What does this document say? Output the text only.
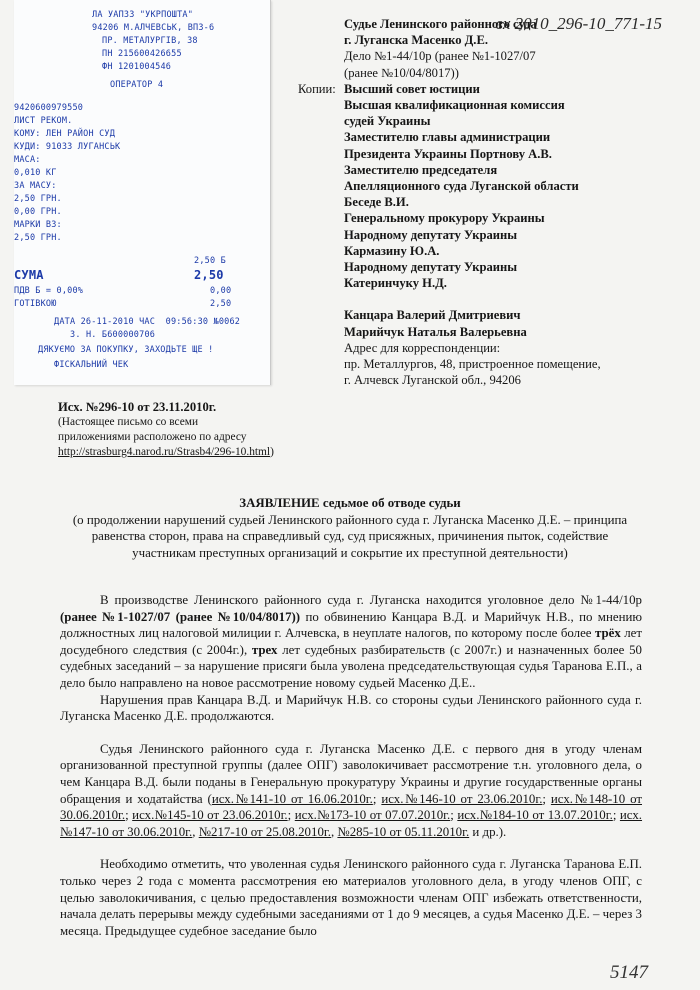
ЛА УАПЗЗ "УКРПОШТА"
94206 М.АЛЧЕВСЬК, ВПЗ-6
ПР. МЕТАЛУРГІВ, 38
ПН 215600426655
ФН 1201004546
ОПЕРАТОР 4
9420600979550
ЛИСТ РЕКОМ.
КОМУ: ЛЕН РАЙОН СУД
КУДИ: 91033 ЛУГАНСЬК
МАСА:
0,010 КГ
ЗА МАСУ:
2,50 ГРН.
0,00 ГРН.
МАРКИ ВЗ:
2,50 ГРН.
2,50 Б
СУМА	2,50
ПДВ Б = 0,00%	0,00
ГОТІВКОЮ	2,50
ДАТА 26-11-2010 ЧАС  09:56:30 №0062
З. Н. Б600000706
ДЯКУЄМО ЗА ПОКУПКУ, ЗАХОДЬТЕ ЩЕ !
ФІСКАЛЬНИЙ ЧЕК
вх 2010_296-10_771-15
Судье Ленинского районного суда
г. Луганска Масенко Д.Е.
Дело №1-44/10р (ранее №1-1027/07
(ранее №10/04/8017))
Высший совет юстиции
Высшая квалификационная комиссия
судей Украины
Заместителю главы администрации
Президента Украины Портнову А.В.
Заместителю председателя
Апелляционного суда Луганской области
Беседе В.И.
Генеральному прокурору Украины
Народному депутату Украины
Кармазину Ю.А.
Народному депутату Украины
Катеринчуку Н.Д.
Канцара Валерий Дмитриевич
Марийчук Наталья Валерьевна
Адрес для корреспонденции:
пр. Металлургов, 48, пристроенное помещение,
г. Алчевск Луганской обл., 94206
Копии:
Исх. №296-10 от 23.11.2010г.
(Настоящее письмо со всеми
приложениями расположено по адресу
http://strasburg4.narod.ru/Strasb4/296-10.html)
ЗАЯВЛЕНИЕ седьмое об отводе судьи
(о продолжении нарушений судьей Ленинского районного суда г. Луганска Масенко Д.Е. – принципа равенства сторон, права на справедливый суд, суд присяжных, причинения пыток, содействие участникам преступных организаций и сокрытие их преступной деятельности)

В производстве Ленинского районного суда г. Луганска находится уголовное дело №1-44/10р (ранее №1-1027/07 (ранее №10/04/8017)) по обвинению Канцара В.Д. и Марийчук Н.В., по мнению должностных лиц налоговой милиции г. Алчевска, в неуплате налогов, по которому после более трёх лет досудебного следствия (с 2004г.), трех лет судебных разбирательств (с 2007г.) и назначенных более 50 судебных заседаний – за нарушение присяги была уволена председательствующая судья Таранова Е.П., а дело было направлено на новое рассмотрение новому судьей Масенко Д.Е..

Нарушения прав Канцара В.Д. и Марийчук Н.В. со стороны судьи Ленинского районного суда г. Луганска Масенко Д.Е. продолжаются.

Судья Ленинского районного суда г. Луганска Масенко Д.Е. с первого дня в угоду членам организованной преступной группы (далее ОПГ) заволокичивает рассмотрение т.н. уголовного дела, о чем Канцара В.Д. были поданы в Генеральную прокуратуру Украины и другие государственные органы обращения и ходатайства (исх.№141-10 от 16.06.2010г.; исх.№146-10 от 23.06.2010г.; исх.№148-10 от 30.06.2010г.; исх.№145-10 от 23.06.2010г.; исх.№173-10 от 07.07.2010г.; исх.№184-10 от 13.07.2010г.; исх.№147-10 от 30.06.2010г., №217-10 от 25.08.2010г., №285-10 от 05.11.2010г. и др.).

Необходимо отметить, что уволенная судья Ленинского районного суда г. Луганска Таранова Е.П. только через 2 года с момента рассмотрения ею материалов уголовного дела, в угоду членов ОПГ, с целью заволокичивания, с целью предоставления возможности членам ОПГ избежать ответственности, начала делать перерывы между судебными заседаниями от 1 до 9 месяцев, а судья Масенко Д.Е. – через 3 месяца. Предыдущее судебное заседание было

5147
